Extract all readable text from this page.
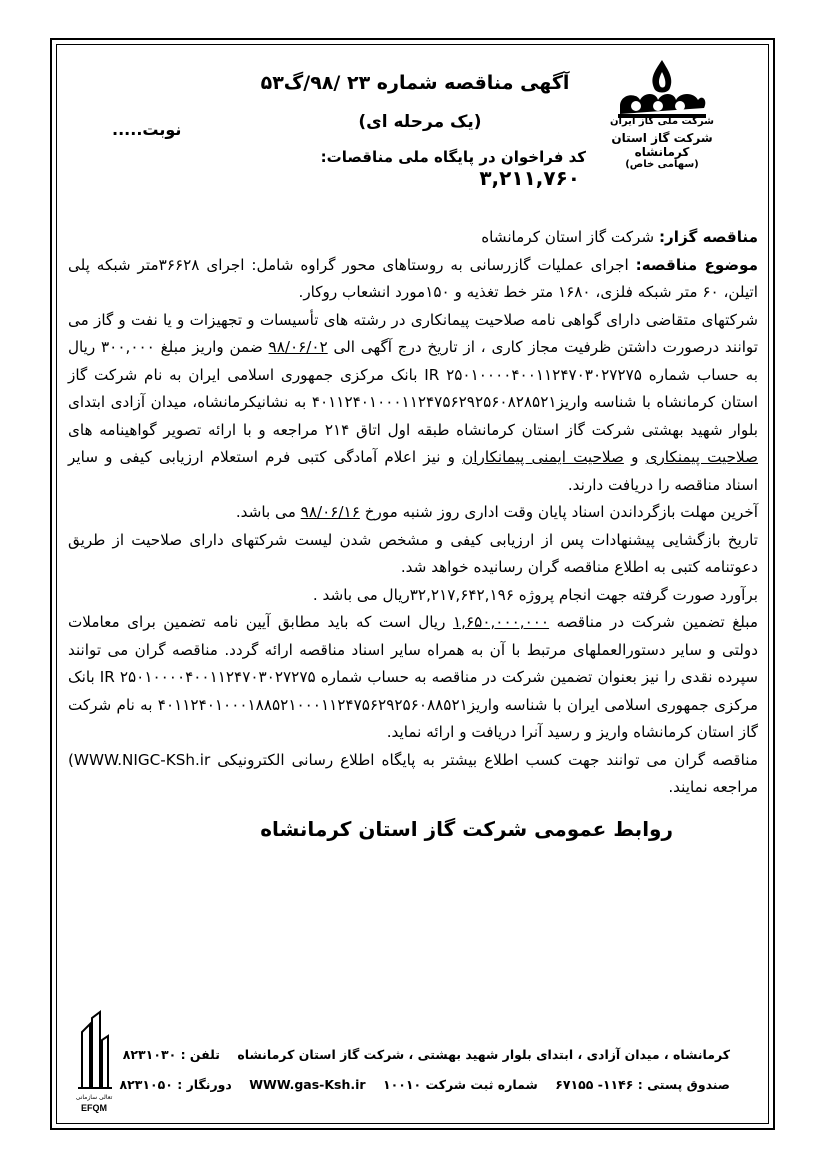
شرکت ملی گاز ایران
شرکت گاز استان کرمانشاه
(سهامی خاص)
آگهی مناقصه شماره ۲۳ /۹۸/گ۵۳
(یک مرحله ای)
نوبت.....
کد فراخوان در پایگاه ملی مناقصات: ۳,۲۱۱,۷۶۰

مناقصه گزار: شرکت گاز استان کرمانشاه

موضوع مناقصه: اجرای عملیات گازرسانی به روستاهای محور گراوه شامل: اجرای ۳۶۶۲۸متر شبکه پلی اتیلن، ۶۰ متر شبکه فلزی، ۱۶۸۰ متر خط تغذیه و ۱۵۰مورد انشعاب روکار.

شرکتهای متقاضی دارای گواهی نامه صلاحیت پیمانکاری در رشته های تأسیسات و تجهیزات و یا نفت و گاز می توانند درصورت داشتن ظرفیت مجاز کاری ، از تاریخ درج آگهی الی ۹۸/۰۶/۰۲ ضمن واریز مبلغ ۳۰۰,۰۰۰ ریال به حساب شماره IR ۲۵۰۱۰۰۰۰۴۰۰۱۱۲۴۷۰۳۰۲۷۲۷۵ بانک مرکزی جمهوری اسلامی ایران به نام شرکت گاز استان کرمانشاه با شناسه واریز۴۰۱۱۲۴۰۱۰۰۰۱۱۲۴۷۵۶۲۹۲۵۶۰۸۲۸۵۲۱ به نشانیکرمانشاه، میدان آزادی ابتدای بلوار شهید بهشتی شرکت گاز استان کرمانشاه طبقه اول اتاق ۲۱۴ مراجعه و با ارائه تصویر گواهینامه های صلاحیت پیمنکاری و صلاحیت ایمنی پیمانکاران و نیز اعلام آمادگی کتبی فرم استعلام ارزیابی کیفی و سایر اسناد مناقصه را دریافت دارند.

آخرین مهلت بازگرداندن اسناد پایان وقت اداری روز شنبه مورخ ۹۸/۰۶/۱۶ می باشد.

تاریخ بازگشایی پیشنهادات پس از ارزیابی کیفی و مشخص شدن لیست شرکتهای دارای صلاحیت از طریق دعوتنامه کتبی به اطلاع مناقصه گران رسانیده خواهد شد.

برآورد صورت گرفته جهت انجام پروژه ۳۲,۲۱۷,۶۴۲,۱۹۶ریال می باشد .

مبلغ تضمین شرکت در مناقصه ۱,۶۵۰,۰۰۰,۰۰۰ ریال است که باید مطابق آیین نامه تضمین برای معاملات دولتی و سایر دستورالعملهای مرتبط با آن به همراه سایر اسناد مناقصه ارائه گردد. مناقصه گران می توانند سپرده نقدی را نیز بعنوان تضمین شرکت در مناقصه به حساب شماره IR ۲۵۰۱۰۰۰۰۴۰۰۱۱۲۴۷۰۳۰۲۷۲۷۵ بانک مرکزی جمهوری اسلامی ایران با شناسه واریز۴۰۱۱۲۴۰۱۰۰۰۱۸۸۵۲۱۰۰۰۱۱۲۴۷۵۶۲۹۲۵۶۰۸۸۵۲۱ به نام شرکت گاز استان کرمانشاه واریز و رسید آنرا دریافت و ارائه نماید.

مناقصه گران می توانند جهت کسب اطلاع بیشتر به پایگاه اطلاع رسانی الکترونیکی (WWW.NIGC-KSh.ir مراجعه نمایند.

روابط عمومی شرکت گاز استان کرمانشاه

تعالی سازمانی
EFQM
کرمانشاه ، میدان آزادی ، ابتدای بلوار شهید بهشتی ، شرکت گاز استان کرمانشاه    تلفن : ۸۲۳۱۰۳۰
صندوق پستی : ۱۱۴۶- ۶۷۱۵۵    شماره ثبت شرکت ۱۰۰۱۰    WWW.gas-Ksh.ir    دورنگار : ۸۲۳۱۰۵۰
